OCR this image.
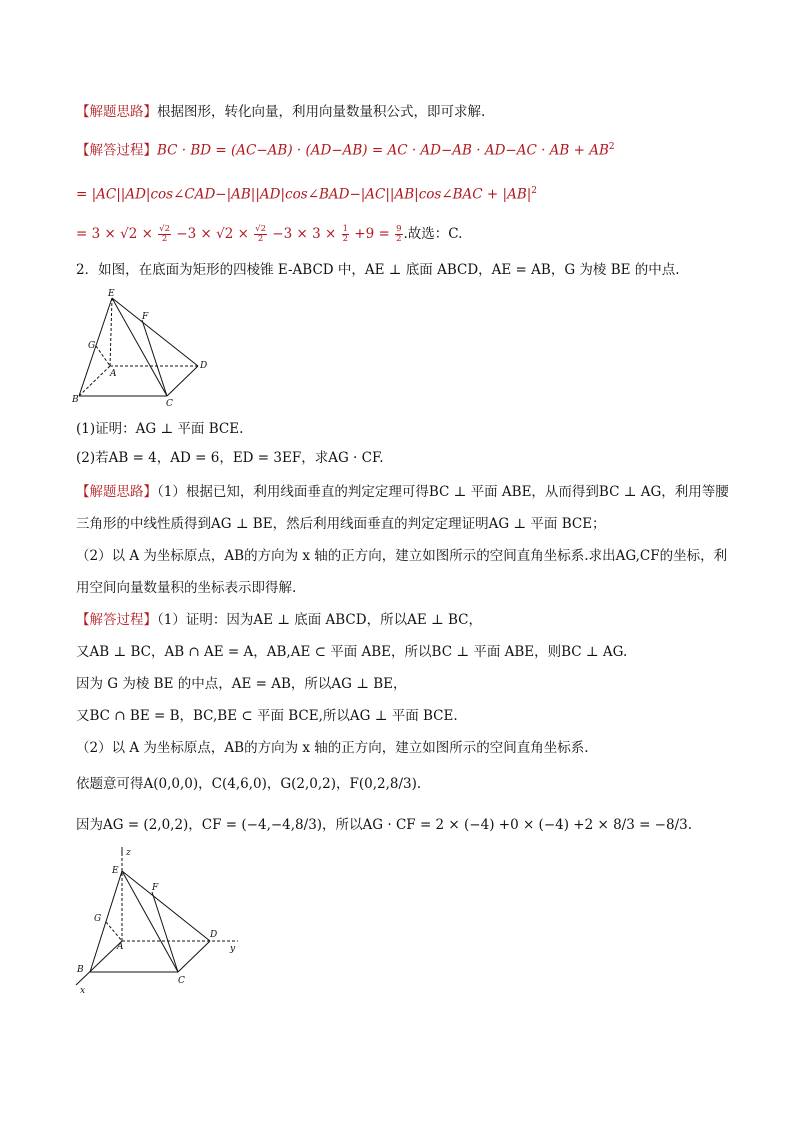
【解题思路】根据图形，转化向量，利用向量数量积公式，即可求解.
【解答过程】BC · BD = (AC−AB) · (AD−AB) = AC · AD−AB · AD−AC · AB + $AB^2$
= |AC||AD|cos∠CAD−|AB||AD|cos∠BAD−|AC||AB|cos∠BAC + $|AB|^2$
= $3 \times √2 \times \frac{√2}{2} -3 \times √2 \times \frac{√2}{2} -3 \times 3 \times \frac{1}{2} +9 = \frac{9}{2}$ .故选：C.
2．如图，在底面为矩形的四棱锥 E-ABCD 中，AE ⊥ 底面 ABCD，AE = AB，G 为棱 BE 的中点.
E
F
G
A
D
B	C
(1)证明：AG ⊥ 平面 BCE.
(2)若AB = 4，AD = 6，ED = 3EF，求AG · CF.
【解题思路】（1）根据已知，利用线面垂直的判定定理可得BC ⊥ 平面 ABE，从而得到BC ⊥ AG，利用等腰
三角形的中线性质得到AG ⊥ BE，然后利用线面垂直的判定定理证明AG ⊥ 平面 BCE；
（2）以 A 为坐标原点，AB的方向为 x 轴的正方向，建立如图所示的空间直角坐标系.求出AG,CF的坐标，利
用空间向量数量积的坐标表示即得解.
【解答过程】（1）证明：因为AE ⊥ 底面 ABCD，所以AE ⊥ BC，
又AB ⊥ BC，AB ∩ AE = A，AB,AE ⊂ 平面 ABE，所以BC ⊥ 平面 ABE，则BC ⊥ AG.
因为 G 为棱 BE 的中点，AE = AB，所以AG ⊥ BE，
又BC ∩ BE = B，BC,BE ⊂ 平面 BCE,所以AG ⊥ 平面 BCE.
（2）以 A 为坐标原点，AB的方向为 x 轴的正方向，建立如图所示的空间直角坐标系.
依题意可得A(0,0,0)，C(4,6,0)，G(2,0,2)，F(0,2,8/3).
因为AG = (2,0,2)，CF = (−4,−4,8/3)，所以AG · CF = 2 × (−4) +0 × (−4) +2 × 8/3 = −8/3.
z
E
F
G
A
D
y
B
C
x
